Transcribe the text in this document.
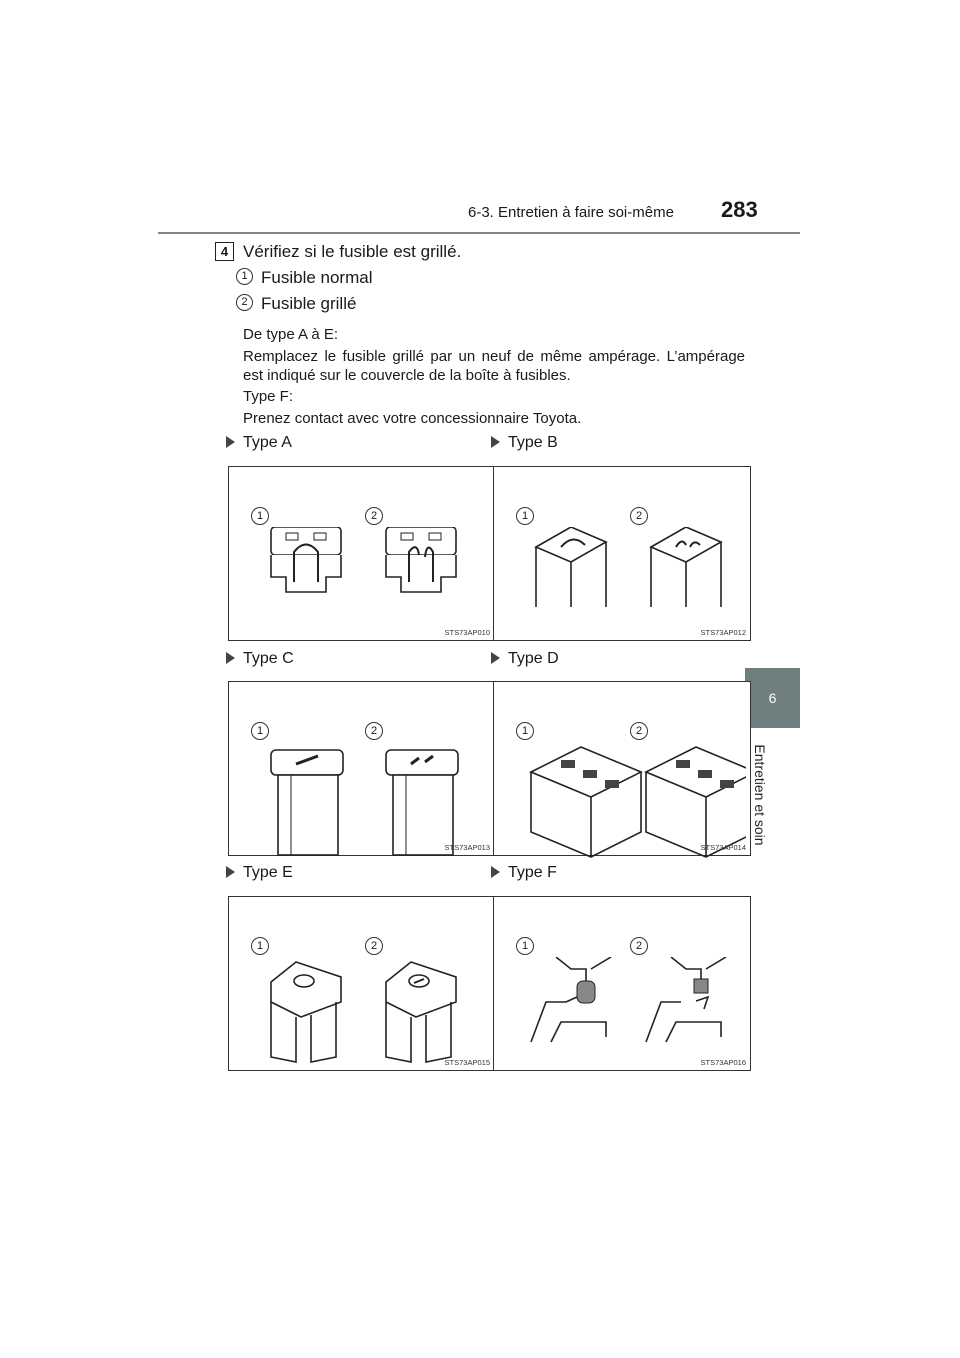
6-3. Entretien à faire soi-même 283
6
Entretien et soin
4 Vérifiez si le fusible est grillé.
1 Fusible normal
2 Fusible grillé
De type A à E:
Remplacez le fusible grillé par un neuf de même ampérage. L’ampérage est indiqué sur le couvercle de la boîte à fusibles.
Type F:
Prenez contact avec votre concessionnaire Toyota.
Type A
1	2
STS73AP010
Type B
1	2
STS73AP012
Type C
1	2
STS73AP013
Type D
1	2
STS73AP014
Type E
1	2
STS73AP015
Type F
1	2
STS73AP016
